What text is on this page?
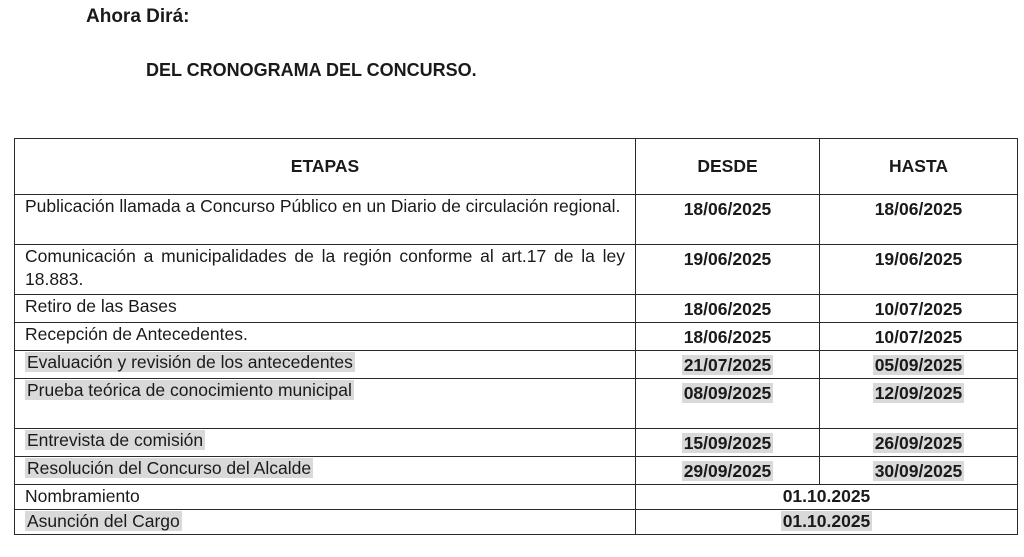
Ahora Dirá:
DEL CRONOGRAMA DEL CONCURSO.
ETAPAS	DESDE	HASTA
Publicación llamada a Concurso Público en un Diario de circulación regional.	18/06/2025	18/06/2025
Comunicación a municipalidades de la región conforme al art.17 de la ley 18.883.	19/06/2025	19/06/2025
Retiro de las Bases	18/06/2025	10/07/2025
Recepción de Antecedentes.	18/06/2025	10/07/2025
Evaluación y revisión de los antecedentes	21/07/2025	05/09/2025
Prueba teórica de conocimiento municipal	08/09/2025	12/09/2025
Entrevista de comisión	15/09/2025	26/09/2025
Resolución del Concurso del Alcalde	29/09/2025	30/09/2025
Nombramiento	01.10.2025	
Asunción del Cargo	01.10.2025	
